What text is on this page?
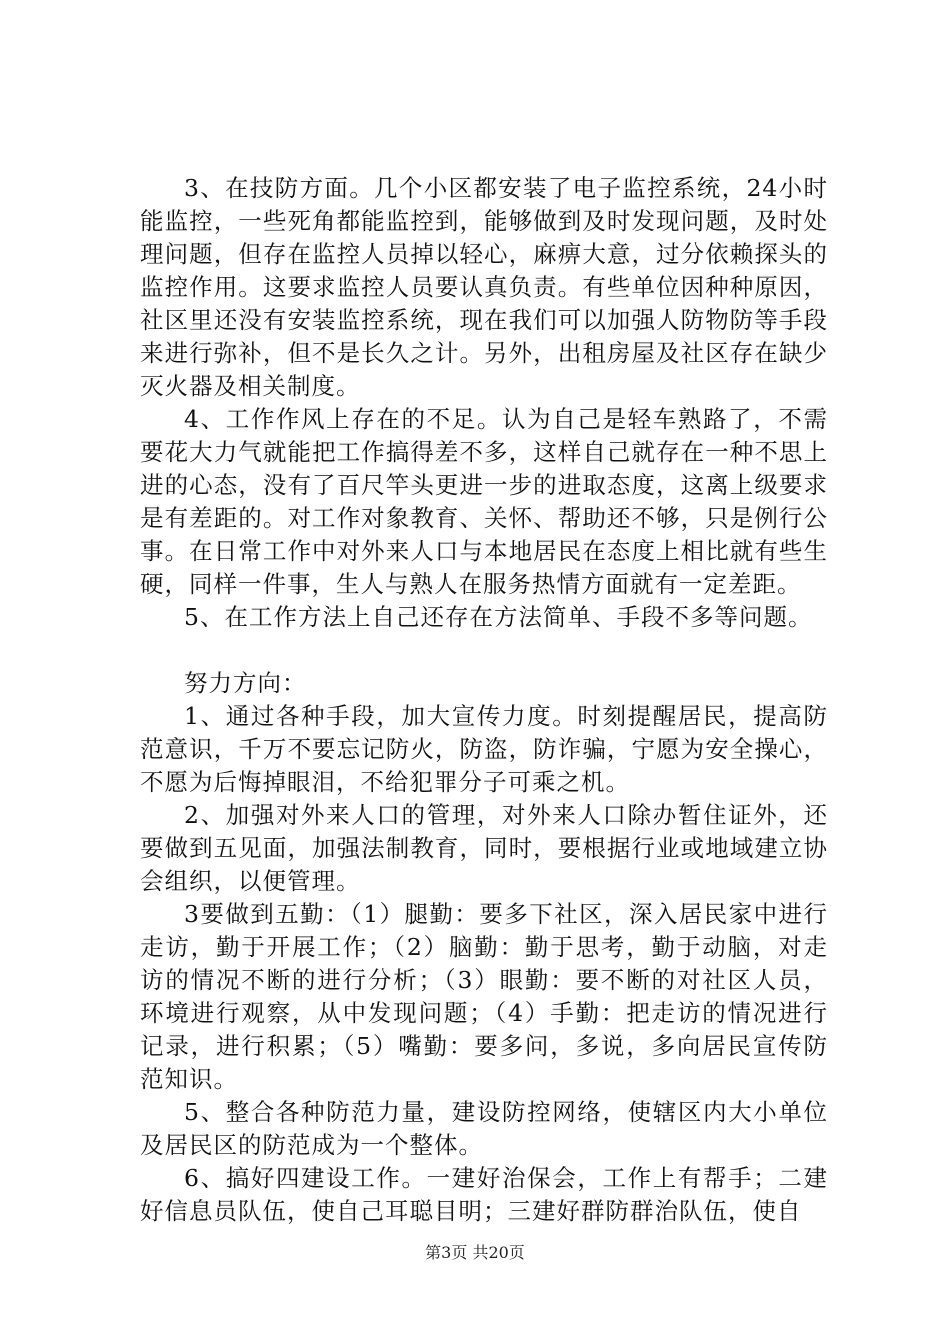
3、在技防方面。几个小区都安装了电子监控系统，24小时能监控，一些死角都能监控到，能够做到及时发现问题，及时处理问题，但存在监控人员掉以轻心，麻痹大意，过分依赖探头的监控作用。这要求监控人员要认真负责。有些单位因种种原因，社区里还没有安装监控系统，现在我们可以加强人防物防等手段来进行弥补，但不是长久之计。另外，出租房屋及社区存在缺少灭火器及相关制度。

4、工作作风上存在的不足。认为自己是轻车熟路了，不需要花大力气就能把工作搞得差不多，这样自己就存在一种不思上进的心态，没有了百尺竿头更进一步的进取态度，这离上级要求是有差距的。对工作对象教育、关怀、帮助还不够，只是例行公事。在日常工作中对外来人口与本地居民在态度上相比就有些生硬，同样一件事，生人与熟人在服务热情方面就有一定差距。

5、在工作方法上自己还存在方法简单、手段不多等问题。

努力方向：

1、通过各种手段，加大宣传力度。时刻提醒居民，提高防范意识，千万不要忘记防火，防盗，防诈骗，宁愿为安全操心，不愿为后悔掉眼泪，不给犯罪分子可乘之机。

2、加强对外来人口的管理，对外来人口除办暂住证外，还要做到五见面，加强法制教育，同时，要根据行业或地域建立协会组织，以便管理。

3要做到五勤：（1）腿勤：要多下社区，深入居民家中进行走访，勤于开展工作；（2）脑勤：勤于思考，勤于动脑，对走访的情况不断的进行分析；（3）眼勤：要不断的对社区人员，环境进行观察，从中发现问题；（4）手勤：把走访的情况进行记录，进行积累；（5）嘴勤：要多问，多说，多向居民宣传防范知识。

5、整合各种防范力量，建设防控网络，使辖区内大小单位及居民区的防范成为一个整体。

6、搞好四建设工作。一建好治保会，工作上有帮手；二建好信息员队伍，使自己耳聪目明；三建好群防群治队伍，使自

第3页 共20页
